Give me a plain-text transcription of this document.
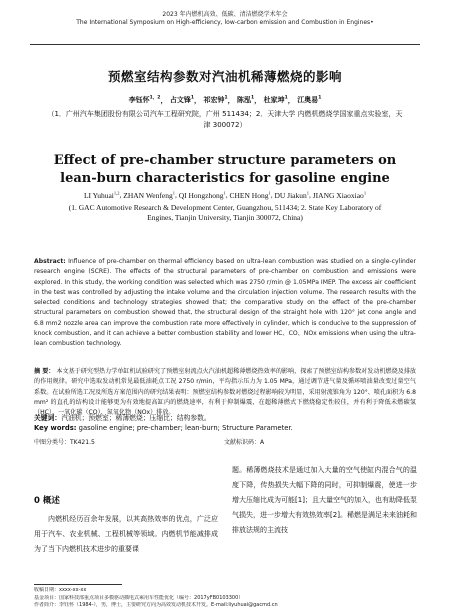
2023 年内燃机高效、低碳、清洁燃烧学术年会
The International Symposium on High-efficiency, low-carbon emission and Combustion in Engines•
预燃室结构参数对汽油机稀薄燃烧的影响
李钰怀$^{1,2}$， 占文锋$^1$， 祁宏钟$^1$， 陈泓$^1$， 杜家坤$^1$， 江奥易$^1$
（1．广州汽车集团股份有限公司汽车工程研究院，广州 511434；2．天津大学 内燃机燃烧学国家重点实验室，天津 300072）
Effect of pre-chamber structure parameters on lean-burn characteristics for gasoline engine
LI Yuhuai$^{1,2}$, ZHAN Wenfeng$^1$, QI Hongzhong$^1$, CHEN Hong$^1$, DU Jiakun$^1$, JIANG Xiaoxiao$^1$
(1. GAC Automotive Research & Development Center, Guangzhou, 511434; 2. State Key Laboratory of Engines, Tianjin University, Tianjin 300072, China)
Abstract: Influence of pre-chamber on thermal efficiency based on ultra-lean combustion was studied on a single-cylinder research engine (SCRE). The effects of the structural parameters of pre-chamber on combustion and emissions were explored. In this study, the working condition was selected which was 2750 r/min @ 1.05MPa IMEP. The excess air coefficient in the test was controlled by adjusting the intake volume and the circulation injection volume. The research results with the selected conditions and technology strategies showed that; the comparative study on the effect of the pre-chamber structural parameters on combustion showed that, the structural design of the straight hole with 120° jet cone angle and 6.8 mm2 nozzle area can improve the combustion rate more effectively in cylinder, which is conducive to the suppression of knock combustion, and it can achieve a better combustion stability and lower HC、CO、NOx emissions when using the ultra-lean combustion technology.
摘 要： 本文基于研究型热力学单缸机试验研究了预燃室射流点火汽油机超稀薄燃烧热效率的影响，探索了预燃室结构参数对发动机燃烧及排放的作用规律。研究中选取发动机常见最低油耗点工况 2750 r/min，平均指示压力为 1.05 MPa，通过调节进气量及循环喷油量改变过量空气系数。在试验所选工况及所选方案范围内的研究结果表明：预燃室结构参数对燃烧过程影响较为明显，采用射流锥角为 120°、喷孔面积为 6.8 mm² 的直孔的结构设计能够更为有效地提高缸内的燃烧速率，有利于抑制爆震，在超稀薄燃式下燃烧稳定性较佳，并有利于降低未燃碳氢（HC）、一氧化碳（CO）、氮氧化物（NOx）排放。
关键词：汽油机；预燃室；稀薄燃烧；压缩比；结构参数。
Key words: gasoline engine; pre-chamber; lean-burn; Structure Parameter.
中图分类号：TK421.5	文献标识码：A
0 概述
内燃机经历百余年发展，以其高热效率的优点，广泛应用于汽车、农业机械、工程机械等领域。内燃机节能减排成为了当下内燃机技术进步的重要课
题。稀薄燃烧技术是通过加入大量的空气使缸内混合气的温度下降，传热损失大幅下降的同时，可抑制爆震，使进一步增大压缩比成为可能[1]；且大量空气的加入，也有助降低泵气损失，进一步增大有效热效率[2]。稀燃是满足未来油耗和排放法规的主流技
收稿日期：xxxx-xx-xx
基金项目：国家科技部重点项目多模驱动插电式乘用车性能优化（编号：2017yFB0103300）
作者简介：李钰怀（1984-），男，博士，主要研究方向为高效发动机技术开发。E-mail:liyuhuai@gacmd.cn
